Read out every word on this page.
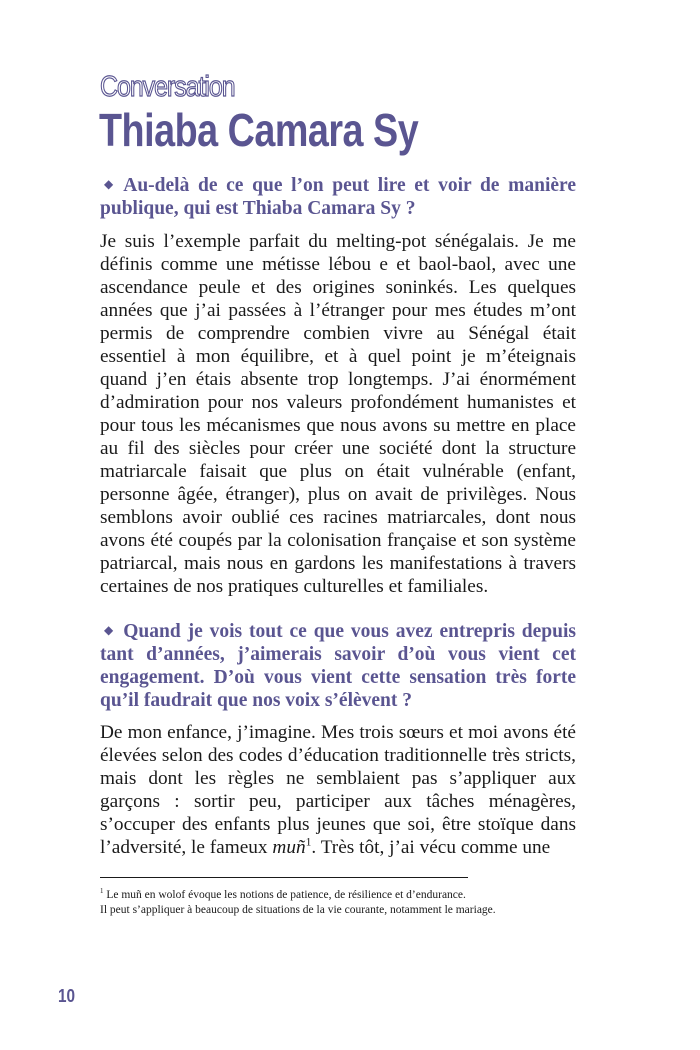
Conversation
Thiaba Camara Sy

◆ Au-delà de ce que l’on peut lire et voir de manière publique, qui est Thiaba Camara Sy ?

Je suis l’exemple parfait du melting-pot sénégalais. Je me définis comme une métisse lébou e et baol-baol, avec une ascendance peule et des origines soninkés. Les quelques années que j’ai passées à l’étranger pour mes études m’ont permis de comprendre combien vivre au Sénégal était essentiel à mon équilibre, et à quel point je m’éteignais quand j’en étais absente trop longtemps. J’ai énormément d’admiration pour nos valeurs profondément humanistes et pour tous les mécanismes que nous avons su mettre en place au fil des siècles pour créer une société dont la structure matriarcale faisait que plus on était vulnérable (enfant, personne âgée, étranger), plus on avait de privilèges. Nous semblons avoir oublié ces racines matriarcales, dont nous avons été coupés par la colonisation française et son système patriarcal, mais nous en gardons les manifestations à travers certaines de nos pratiques culturelles et familiales.

◆ Quand je vois tout ce que vous avez entrepris depuis tant d’années, j’aimerais savoir d’où vous vient cet engagement. D’où vous vient cette sensation très forte qu’il faudrait que nos voix s’élèvent ?

De mon enfance, j’imagine. Mes trois sœurs et moi avons été élevées selon des codes d’éducation traditionnelle très stricts, mais dont les règles ne semblaient pas s’appliquer aux garçons : sortir peu, participer aux tâches ménagères, s’occuper des enfants plus jeunes que soi, être stoïque dans l’adversité, le fameux muñ$^1$. Très tôt, j’ai vécu comme une

$^1$ Le muñ en wolof évoque les notions de patience, de résilience et d’endurance.
Il peut s’appliquer à beaucoup de situations de la vie courante, notamment le mariage.

10
